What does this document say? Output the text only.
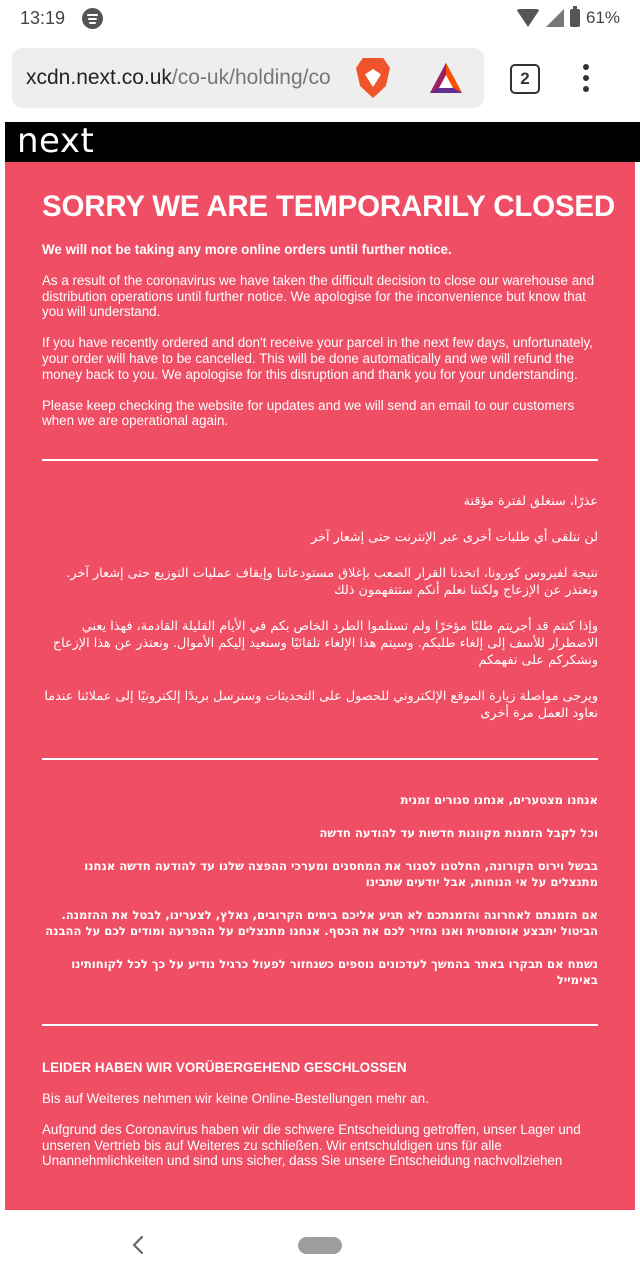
13:19	61%
xcdn.next.co.uk/co-uk/holding/co	2
next
SORRY WE ARE TEMPORARILY CLOSED

We will not be taking any more online orders until further notice.

As a result of the coronavirus we have taken the difficult decision to close our warehouse and distribution operations until further notice. We apologise for the inconvenience but know that you will understand.

If you have recently ordered and don't receive your parcel in the next few days, unfortunately, your order will have to be cancelled. This will be done automatically and we will refund the money back to you. We apologise for this disruption and thank you for your understanding.

Please keep checking the website for updates and we will send an email to our customers when we are operational again.

عذرًا، سنغلق لفترة مؤقتة

لن نتلقى أي طلبات أخرى عبر الإنترنت حتى إشعار آخر

نتيجة لفيروس كورونا، اتخذنا القرار الصعب بإغلاق مستودعاتنا وإيقاف عمليات التوزيع حتى إشعار آخر. ونعتذر عن الإزعاج ولكننا نعلم أنكم ستتفهمون ذلك

وإذا كنتم قد أجريتم طلبًا مؤخرًا ولم تستلموا الطرد الخاص بكم في الأيام القليلة القادمة، فهذا يعني الاضطرار للأسف إلى إلغاء طلبكم. وسيتم هذا الإلغاء تلقائيًا وسنعيد إليكم الأموال. ونعتذر عن هذا الإزعاج ونشكركم على تفهمكم

ويرجى مواصلة زيارة الموقع الإلكتروني للحصول على التحديثات وسنرسل بريدًا إلكترونيًا إلى عملائنا عندما نعاود العمل مرة أخرى

אנחנו מצטערים, אנחנו סגורים זמנית

וכל לקבל הזמנות מקוונות חדשות עד להודעה חדשה

בבשל וירוס הקורונה, החלטנו לסגור את המחסנים ומערכי ההפצה שלנו עד להודעה חדשה אנחנו מתנצלים על אי הנוחות, אבל יודעים שתבינו

אם הזמנתם לאחרונה והזמנתכם לא תגיע אליכם בימים הקרובים, נאלץ, לצערינו, לבטל את ההזמנה. הביטול יתבצע אוטומטית ואנו נחזיר לכם את הכסף. אנחנו מתנצלים על ההפרעה ומודים לכם על ההבנה

נשמח אם תבקרו באתר בהמשך לעדכונים נוספים כשנחזור לפעול כרגיל נודיע על כך לכל לקוחותינו באימייל

LEIDER HABEN WIR VORÜBERGEHEND GESCHLOSSEN

Bis auf Weiteres nehmen wir keine Online-Bestellungen mehr an.

Aufgrund des Coronavirus haben wir die schwere Entscheidung getroffen, unser Lager und unseren Vertrieb bis auf Weiteres zu schließen. Wir entschuldigen uns für alle Unannehmlichkeiten und sind uns sicher, dass Sie unsere Entscheidung nachvollziehen
